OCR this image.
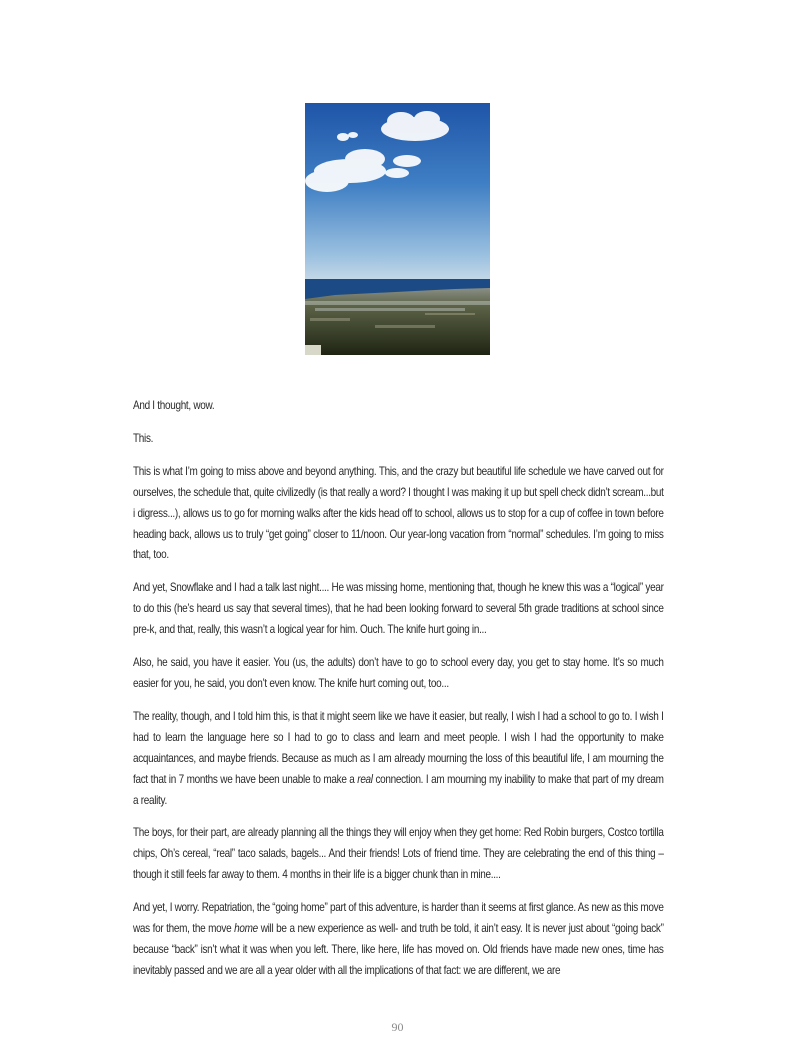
And I thought, wow.

This.

This is what I’m going to miss above and beyond anything. This, and the crazy but beautiful life schedule we have carved out for ourselves, the schedule that, quite civilizedly (is that really a word? I thought I was making it up but spell check didn’t scream...but i digress...), allows us to go for morning walks after the kids head off to school, allows us to stop for a cup of coffee in town before heading back, allows us to truly “get going” closer to 11/noon. Our year-long vacation from “normal” schedules. I’m going to miss that, too.

And yet, Snowflake and I had a talk last night.... He was missing home, mentioning that, though he knew this was a “logical” year to do this (he’s heard us say that several times), that he had been looking forward to several 5th grade traditions at school since pre-k, and that, really, this wasn’t a logical year for him. Ouch. The knife hurt going in...

Also, he said, you have it easier. You (us, the adults) don’t have to go to school every day, you get to stay home. It’s so much easier for you, he said, you don’t even know. The knife hurt coming out, too...

The reality, though, and I told him this, is that it might seem like we have it easier, but really, I wish I had a school to go to. I wish I had to learn the language here so I had to go to class and learn and meet people. I wish I had the opportunity to make acquaintances, and maybe friends. Because as much as I am already mourning the loss of this beautiful life, I am mourning the fact that in 7 months we have been unable to make a real connection. I am mourning my inability to make that part of my dream a reality.

The boys, for their part, are already planning all the things they will enjoy when they get home: Red Robin burgers, Costco tortilla chips, Oh’s cereal, “real” taco salads, bagels... And their friends! Lots of friend time. They are celebrating the end of this thing – though it still feels far away to them. 4 months in their life is a bigger chunk than in mine....

And yet, I worry. Repatriation, the “going home” part of this adventure, is harder than it seems at first glance. As new as this move was for them, the move home will be a new experience as well- and truth be told, it ain’t easy. It is never just about “going back” because “back” isn’t what it was when you left. There, like here, life has moved on. Old friends have made new ones, time has inevitably passed and we are all a year older with all the implications of that fact: we are different, we are

90
